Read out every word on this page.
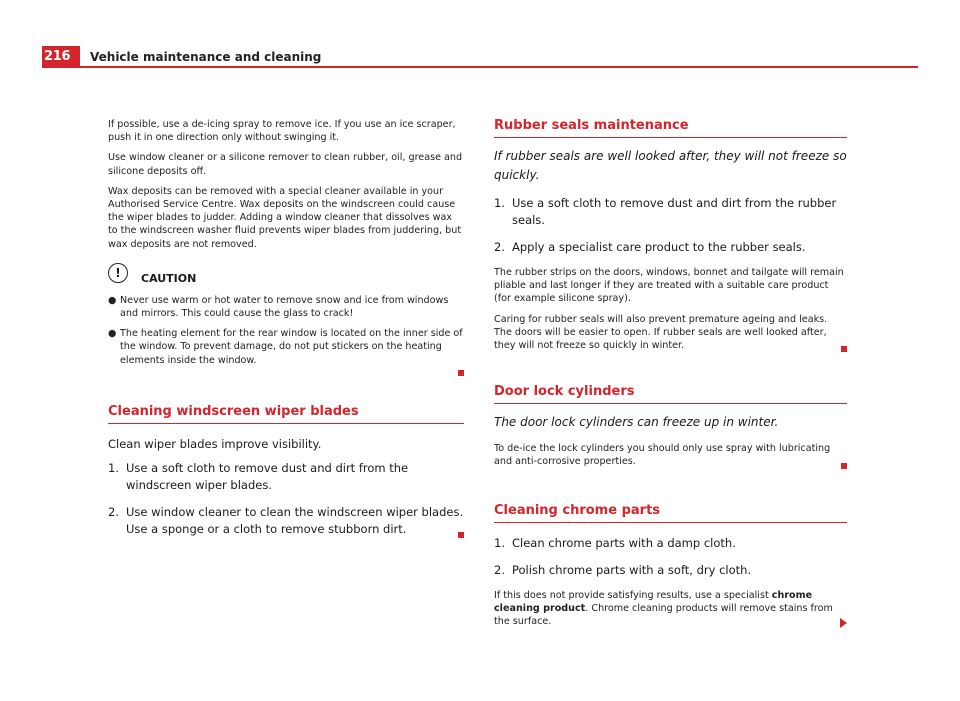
216	Vehicle maintenance and cleaning

If possible, use a de-icing spray to remove ice. If you use an ice scraper, push it in one direction only without swinging it.

Use window cleaner or a silicone remover to clean rubber, oil, grease and silicone deposits off.

Wax deposits can be removed with a special cleaner available in your Authorised Service Centre. Wax deposits on the windscreen could cause the wiper blades to judder. Adding a window cleaner that dissolves wax to the windscreen washer fluid prevents wiper blades from juddering, but wax deposits are not removed.

!	CAUTION
● Never use warm or hot water to remove snow and ice from windows and mirrors. This could cause the glass to crack!
● The heating element for the rear window is located on the inner side of the window. To prevent damage, do not put stickers on the heating elements inside the window.
Cleaning windscreen wiper blades

Clean wiper blades improve visibility.

1. Use a soft cloth to remove dust and dirt from the windscreen wiper blades.
2. Use window cleaner to clean the windscreen wiper blades. Use a sponge or a cloth to remove stubborn dirt.
Rubber seals maintenance

If rubber seals are well looked after, they will not freeze so quickly.

1. Use a soft cloth to remove dust and dirt from the rubber seals.
2. Apply a specialist care product to the rubber seals.

The rubber strips on the doors, windows, bonnet and tailgate will remain pliable and last longer if they are treated with a suitable care product (for example silicone spray).

Caring for rubber seals will also prevent premature ageing and leaks. The doors will be easier to open. If rubber seals are well looked after, they will not freeze so quickly in winter.

Door lock cylinders

The door lock cylinders can freeze up in winter.

To de-ice the lock cylinders you should only use spray with lubricating and anti-corrosive properties.

Cleaning chrome parts
1. Clean chrome parts with a damp cloth.
2. Polish chrome parts with a soft, dry cloth.

If this does not provide satisfying results, use a specialist chrome cleaning product. Chrome cleaning products will remove stains from the surface.
